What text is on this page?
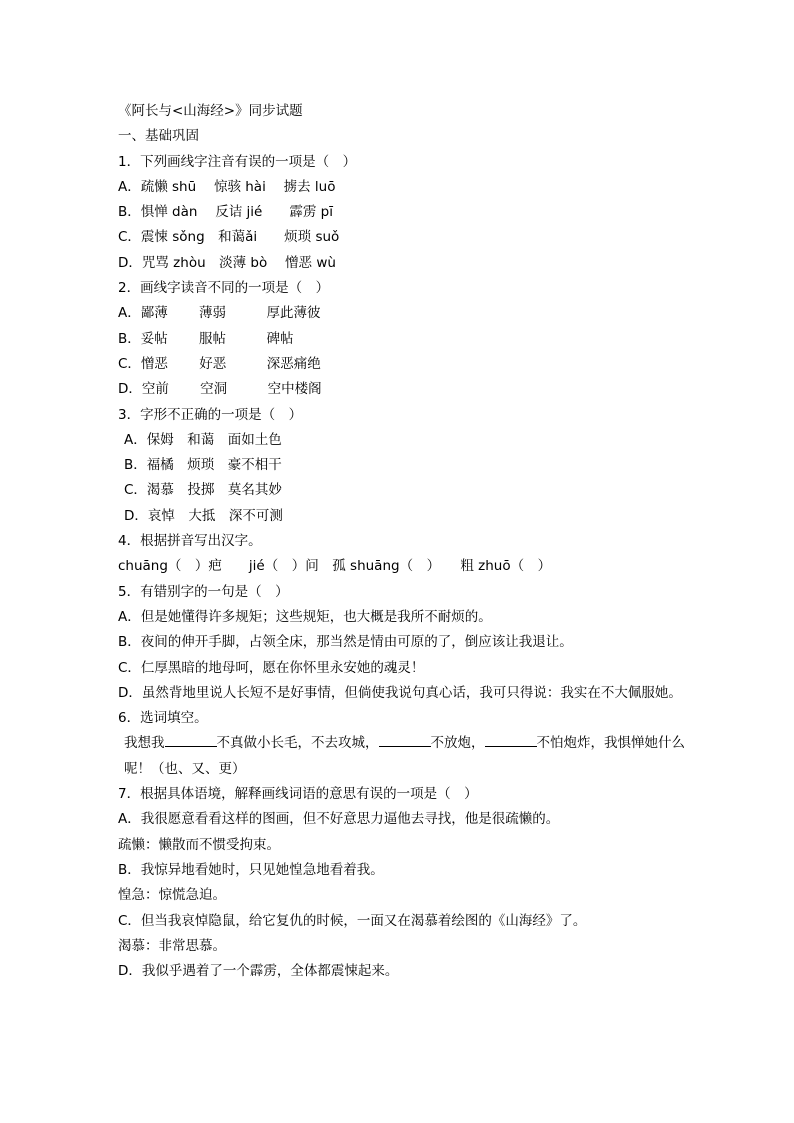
《阿长与<山海经>》同步试题
一、基础巩固
1．下列画线字注音有误的一项是（　）
A．疏懒 shū　 惊骇 hài　 掳去 luō
B．惧惮 dàn　 反诘 jié　　霹雳 pī
C．震悚 sǒng　和蔼ǎi　　烦琐 suǒ
D．咒骂 zhòu　淡薄 bò　 憎恶 wù
2．画线字读音不同的一项是（　）
A．鄙薄　　 薄弱　　　厚此薄彼
B．妥帖　　 服帖　　　碑帖
C．憎恶　　 好恶　　　深恶痛绝
D．空前　　 空洞　　　空中楼阁
3．字形不正确的一项是（　）
A．保姆　和蔼　面如土色
B．福橘　烦琐　豪不相干
C．渴慕　投掷　莫名其妙
D．哀悼　大抵　深不可测
4．根据拼音写出汉字。
chuāng（　）疤　　jié（　）问　孤 shuāng（　）　　粗 zhuō（　）
5．有错别字的一句是（　）
A．但是她懂得许多规矩；这些规矩，也大概是我所不耐烦的。
B．夜间的伸开手脚，占领全床，那当然是情由可原的了，倒应该让我退让。
C．仁厚黑暗的地母呵，愿在你怀里永安她的魂灵！
D．虽然背地里说人长短不是好事情，但倘使我说句真心话，我可只得说：我实在不大佩服她。
6．选词填空。
我想我	不真做小长毛，不去攻城，	不放炮，	不怕炮炸，我惧惮她什么呢！（也、又、更）
7．根据具体语境，解释画线词语的意思有误的一项是（　）
A．我很愿意看看这样的图画，但不好意思力逼他去寻找，他是很疏懒的。
疏懒：懒散而不惯受拘束。
B．我惊异地看她时，只见她惶急地看着我。
惶急：惊慌急迫。
C．但当我哀悼隐鼠，给它复仇的时候，一面又在渴慕着绘图的《山海经》了。
渴慕：非常思慕。
D．我似乎遇着了一个霹雳，全体都震悚起来。
